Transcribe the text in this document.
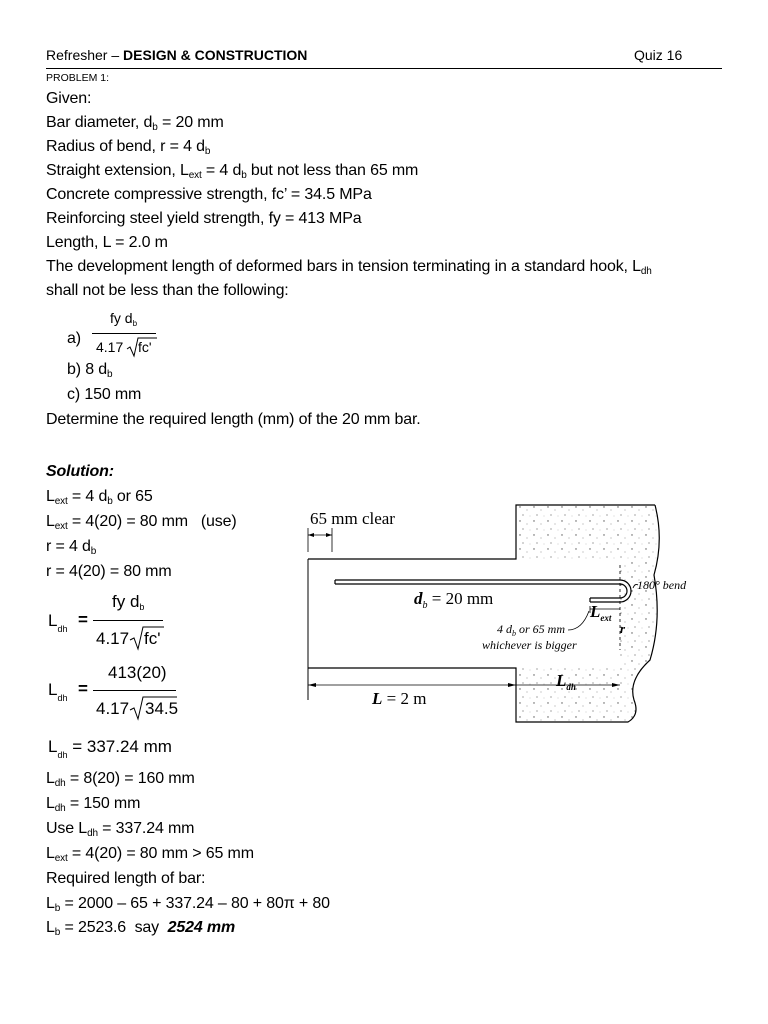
Refresher – DESIGN & CONSTRUCTION	Quiz 16
PROBLEM 1:
Given:
Bar diameter, $d_b = 20$ mm
Radius of bend, r = 4 $d_b$
Straight extension, $L_{ext} = 4$ $d_b$ but not less than 65 mm
Concrete compressive strength, fc’ = 34.5 MPa
Reinforcing steel yield strength, fy = 413 MPa
Length, L = 2.0 m
The development length of deformed bars in tension terminating in a standard hook, $L_{dh}$
shall not be less than the following:
a)
fy $d_b$
4.17 fc'
b) 8 $d_b$
c) 150 mm
Determine the required length (mm) of the 20 mm bar.
Solution:
$L_{ext} = 4$ $d_b$ or 65
$L_{ext} = 4(20) = 80$ mm   (use)
r = 4 $d_b$
r = 4(20) = 80 mm
$L_{dh}$ =
fy $d_b$
4.17 fc'
$L_{dh}$ =
413(20)
4.17 34.5
$L_{dh} = 337.24$ mm
$L_{dh} = 8(20) = 160$ mm
$L_{dh} = 150$ mm
Use $L_{dh} = 337.24$ mm
$L_{ext} = 4(20) = 80$ mm > 65 mm
Required length of bar:
$L_b = 2000 - 65 + 337.24 - 80 + 80\pi + 80$
$L_b = 2523.6$  say  2524 mm
65 mm clear
$d_b = 20$ mm
180° bend
$L_{ext}$
r
4 $d_b$ or 65 mm
whichever is bigger
L = 2 m
$L_{dh}$
